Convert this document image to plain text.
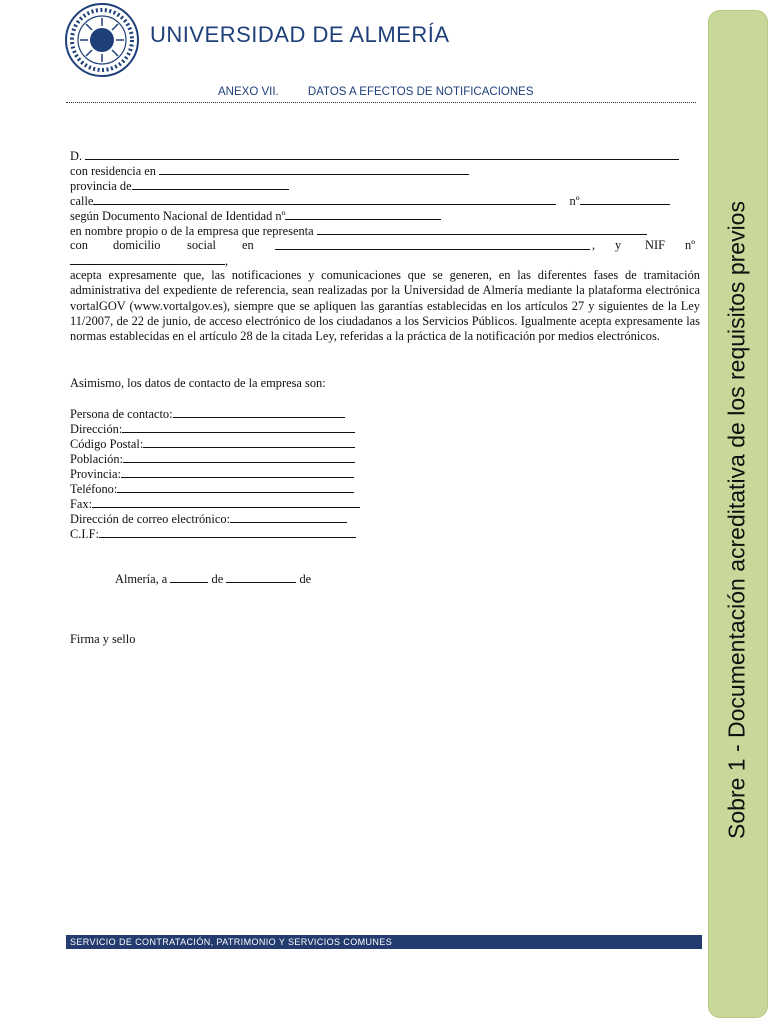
UNIVERSIDAD DE ALMERÍA
ANEXO VII.	DATOS A EFECTOS DE NOTIFICACIONES
D.
con residencia en
provincia de
calle	nº
según Documento Nacional de Identidad nº
en nombre propio o de la empresa que representa
con domicilio social en	, y NIF nº
,
acepta expresamente que, las notificaciones y comunicaciones que se generen, en las diferentes fases de tramitación administrativa del expediente de referencia, sean realizadas por la Universidad de Almería mediante la plataforma electrónica vortalGOV (www.vortalgov.es), siempre que se apliquen las garantías establecidas en los artículos 27 y siguientes de la Ley 11/2007, de 22 de junio, de acceso electrónico de los ciudadanos a los Servicios Públicos. Igualmente acepta expresamente las normas establecidas en el artículo 28 de la citada Ley, referidas a la práctica de la notificación por medios electrónicos.
Asimismo, los datos de contacto de la empresa son:
Persona de contacto:
Dirección:
Código Postal:
Población:
Provincia:
Teléfono:
Fax:
Dirección de correo electrónico:
C.I.F:
Almería, a	de	de
Firma y sello
SERVICIO DE CONTRATACIÓN, PATRIMONIO Y SERVICIOS COMUNES
Sobre 1 - Documentación acreditativa de los requisitos previos
